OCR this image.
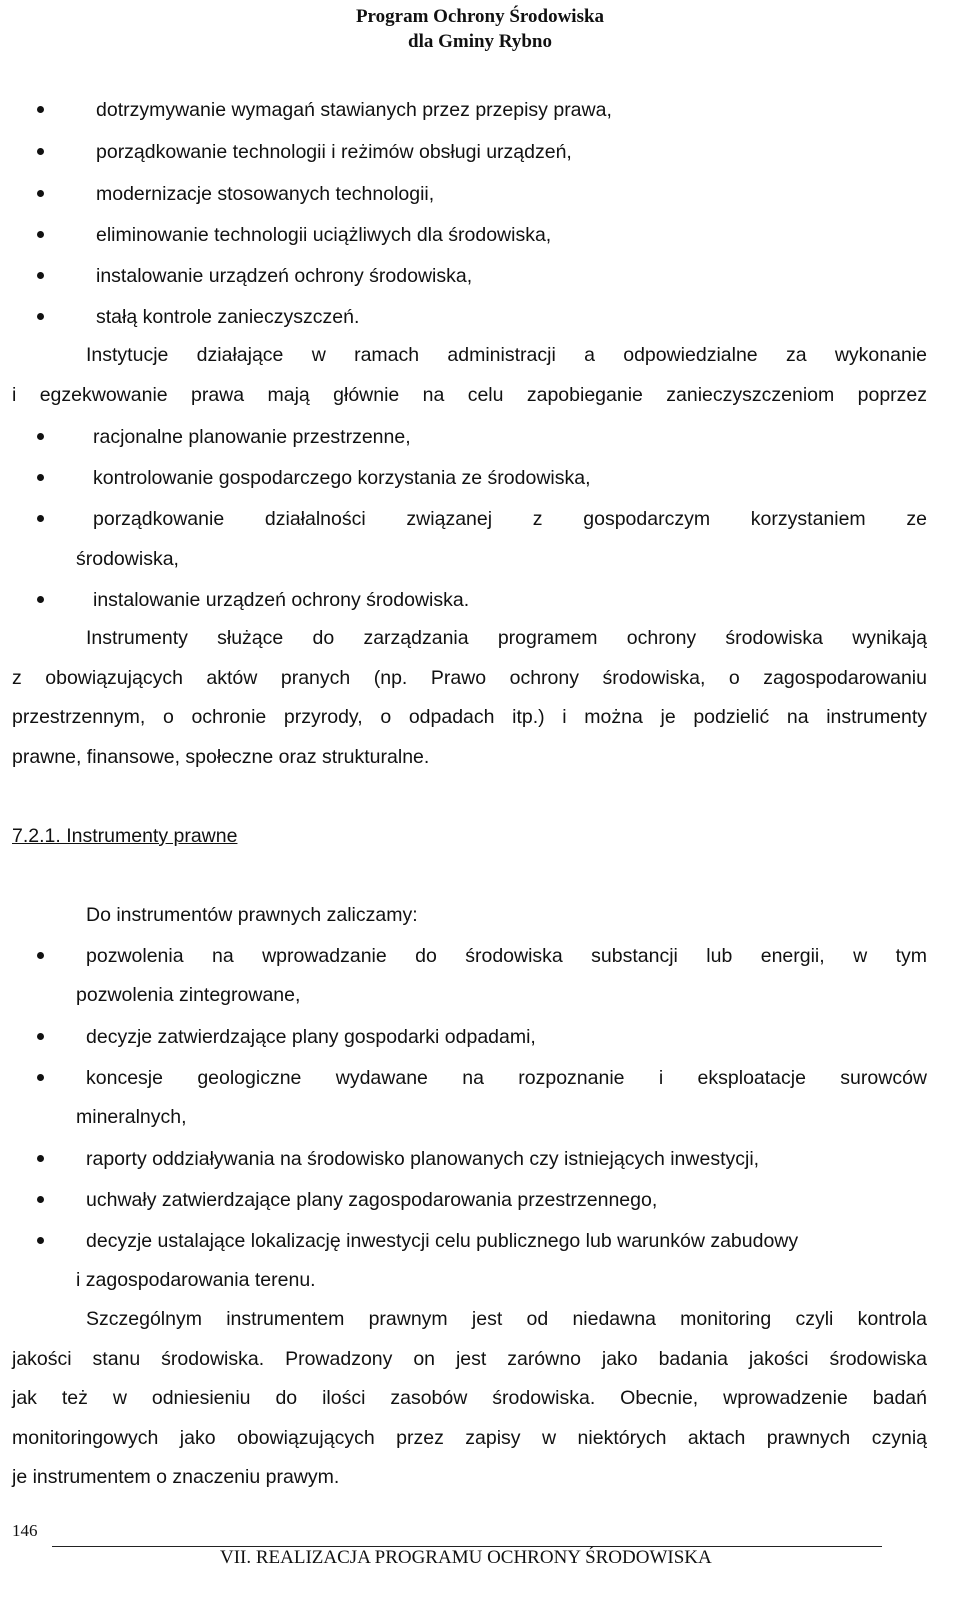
Program Ochrony Środowiska
dla Gminy Rybno
dotrzymywanie wymagań stawianych przez przepisy prawa,
porządkowanie technologii i reżimów obsługi urządzeń,
modernizacje stosowanych technologii,
eliminowanie technologii uciążliwych dla środowiska,
instalowanie urządzeń ochrony środowiska,
stałą kontrole zanieczyszczeń.
Instytucje działające w ramach administracji a odpowiedzialne za wykonanie
i egzekwowanie prawa mają głównie na celu zapobieganie zanieczyszczeniom poprzez
racjonalne planowanie przestrzenne,
kontrolowanie gospodarczego korzystania ze środowiska,
porządkowanie działalności związanej z gospodarczym korzystaniem ze
środowiska,
instalowanie urządzeń ochrony środowiska.
Instrumenty służące do zarządzania programem ochrony środowiska wynikają
z obowiązujących aktów pranych (np. Prawo ochrony środowiska, o zagospodarowaniu
przestrzennym, o ochronie przyrody, o odpadach itp.) i można je podzielić na instrumenty
prawne, finansowe, społeczne oraz strukturalne.
7.2.1. Instrumenty prawne
Do instrumentów prawnych zaliczamy:
pozwolenia na wprowadzanie do środowiska substancji lub energii, w tym
pozwolenia zintegrowane,
decyzje zatwierdzające plany gospodarki odpadami,
koncesje geologiczne wydawane na rozpoznanie i eksploatacje surowców
mineralnych,
raporty oddziaływania na środowisko planowanych czy istniejących inwestycji,
uchwały zatwierdzające plany zagospodarowania przestrzennego,
decyzje ustalające lokalizację inwestycji celu publicznego lub warunków zabudowy
i zagospodarowania terenu.
Szczególnym instrumentem prawnym jest od niedawna monitoring czyli kontrola
jakości stanu środowiska. Prowadzony on jest zarówno jako badania jakości środowiska
jak też w odniesieniu do ilości zasobów środowiska. Obecnie, wprowadzenie badań
monitoringowych jako obowiązujących przez zapisy w niektórych aktach prawnych czynią
je instrumentem o znaczeniu prawym.
146
VII. REALIZACJA PROGRAMU OCHRONY ŚRODOWISKA
